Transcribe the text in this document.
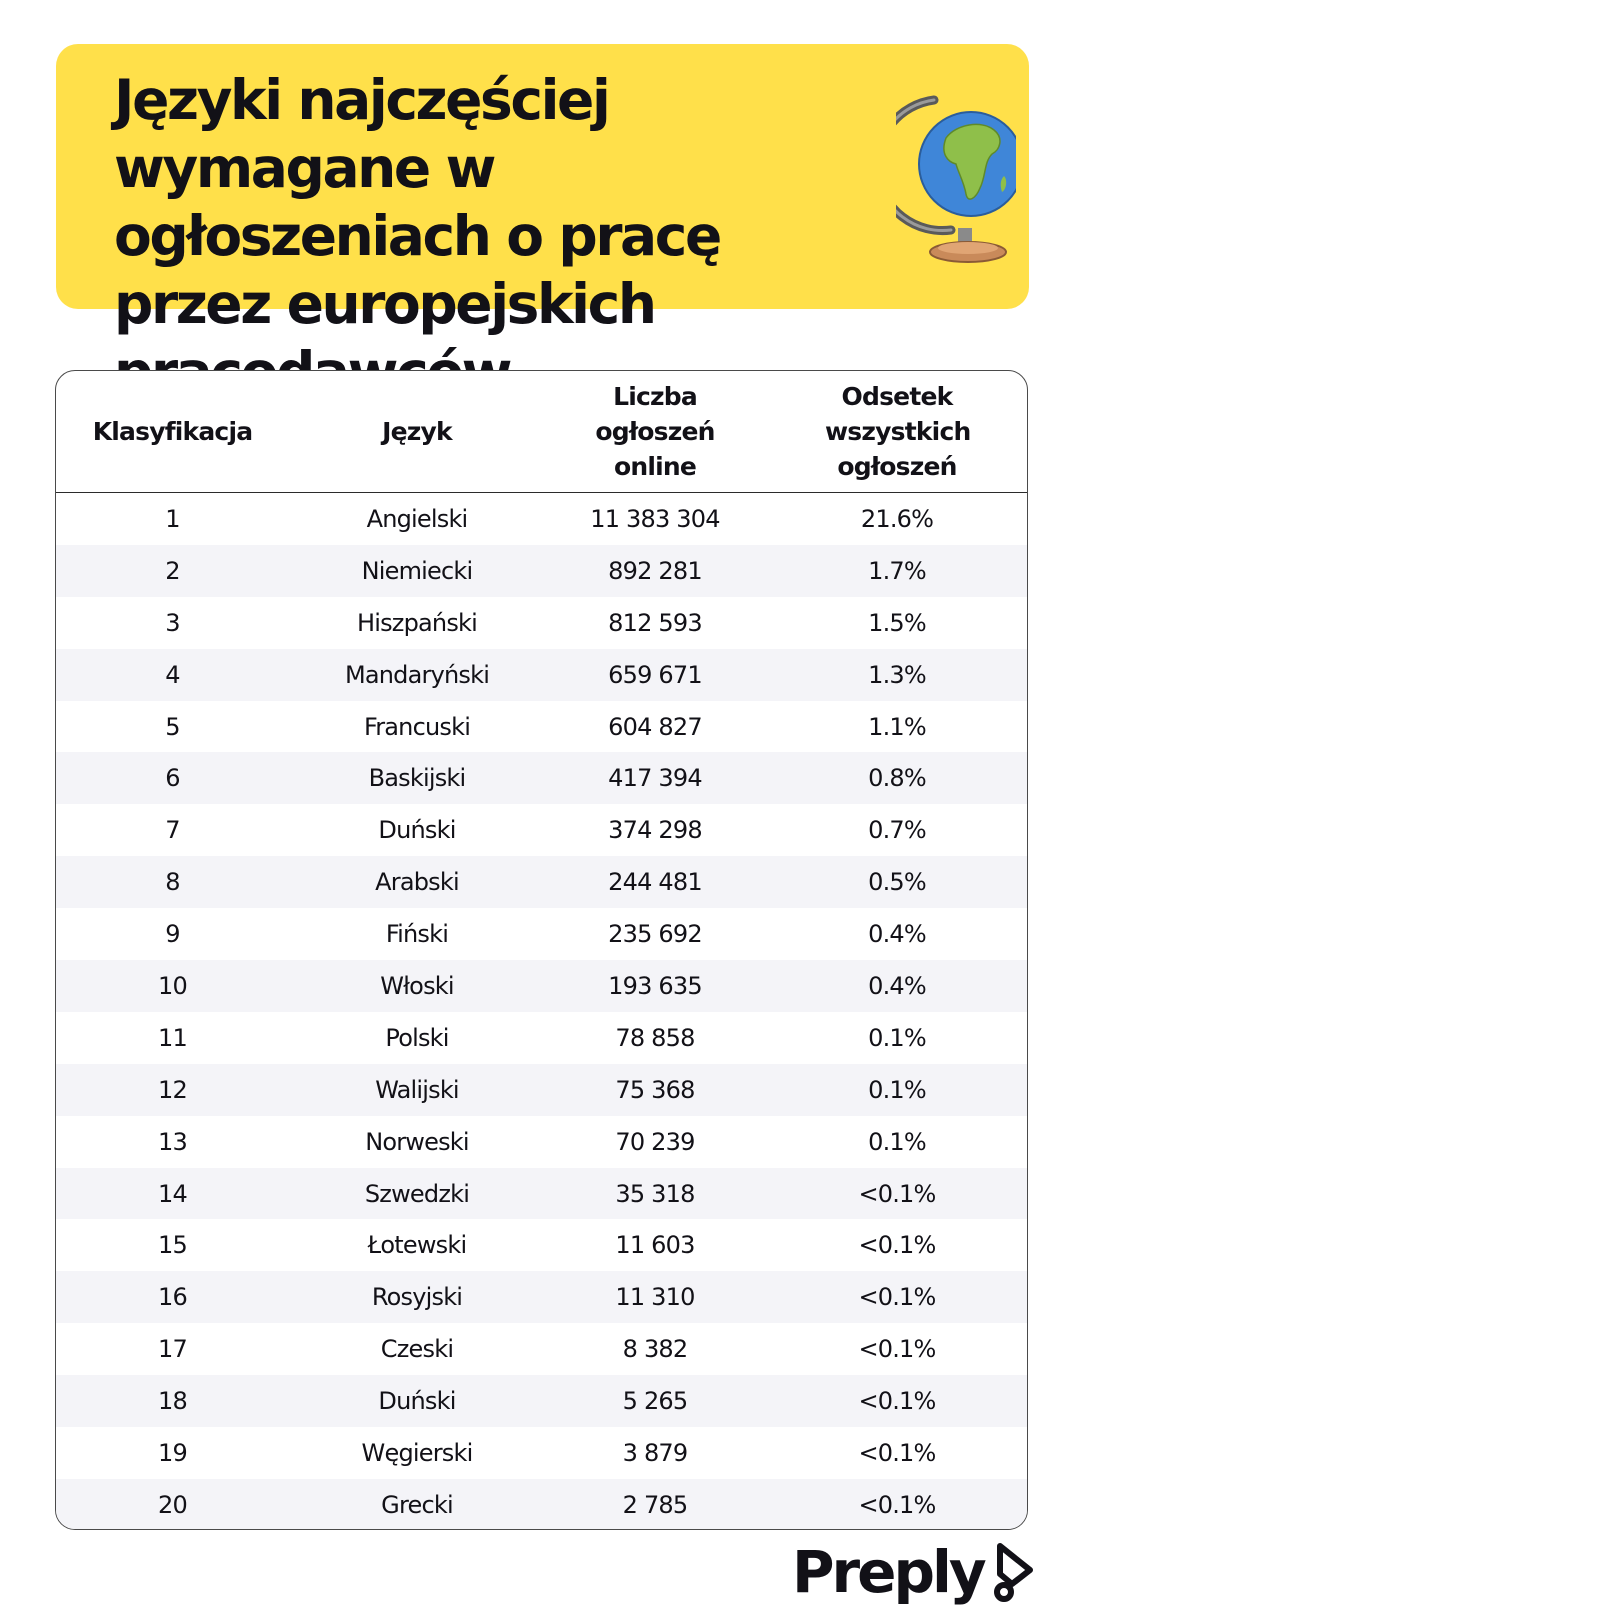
Języki najczęściej wymagane w ogłoszeniach o pracę przez europejskich
Klasyfikacja	Język	Liczba ogłoszeń online	Odsetek wszystkich ogłoszeń
1	Angielski	11 383 304	21.6%
2	Niemiecki	892 281	1.7%
3	Hiszpański	812 593	1.5%
4	Mandaryński	659 671	1.3%
5	Francuski	604 827	1.1%
6	Baskijski	417 394	0.8%
7	Duński	374 298	0.7%
8	Arabski	244 481	0.5%
9	Fiński	235 692	0.4%
10	Włoski	193 635	0.4%
11	Polski	78 858	0.1%
12	Walijski	75 368	0.1%
13	Norweski	70 239	0.1%
14	Szwedzki	35 318	<0.1%
15	Łotewski	11 603	<0.1%
16	Rosyjski	11 310	<0.1%
17	Czeski	8 382	<0.1%
18	Duński	5 265	<0.1%
19	Węgierski	3 879	<0.1%
20	Grecki	2 785	<0.1%
Preply
